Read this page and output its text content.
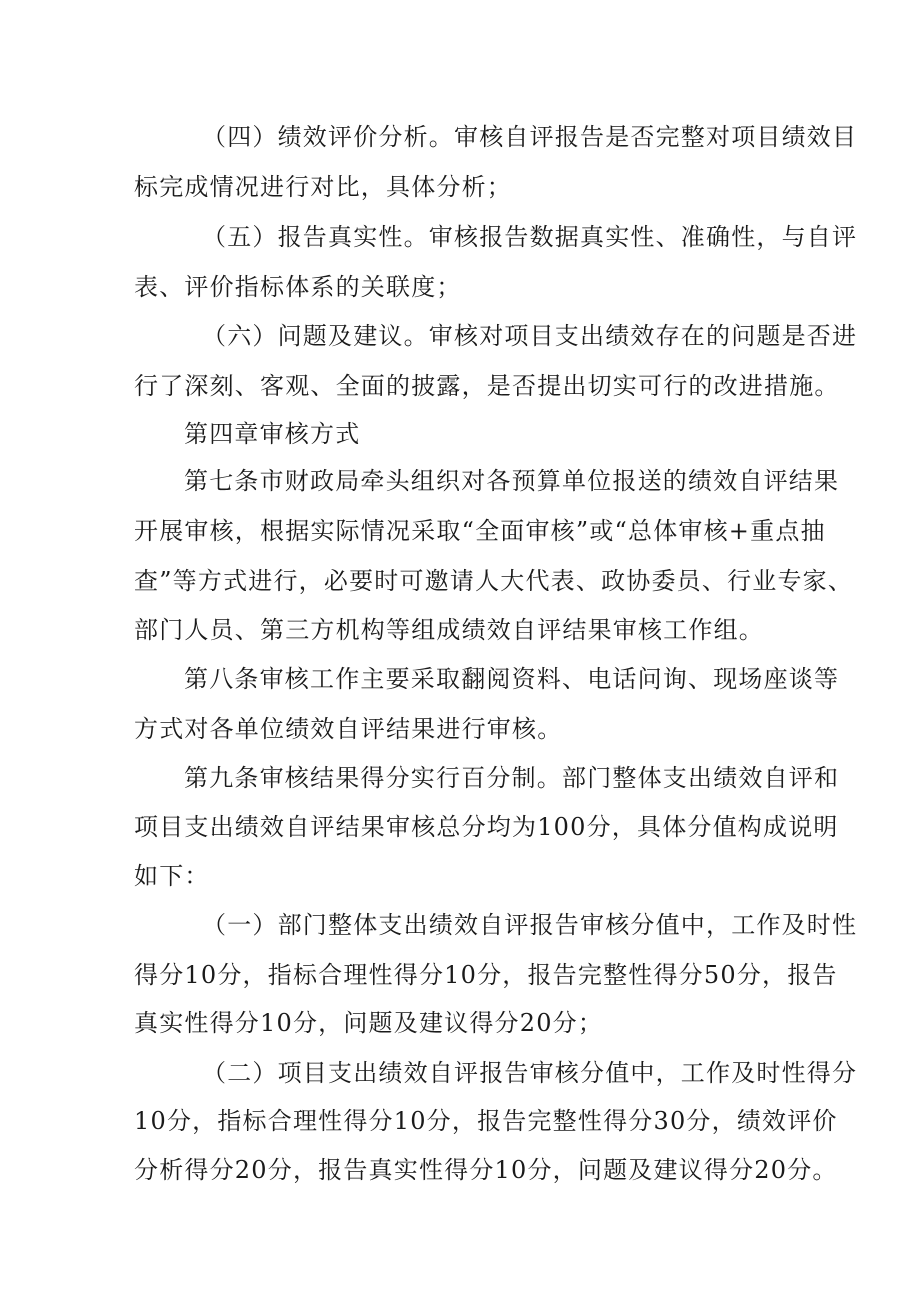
（四）绩效评价分析。审核自评报告是否完整对项目绩效目
标完成情况进行对比，具体分析；
（五）报告真实性。审核报告数据真实性、准确性，与自评
表、评价指标体系的关联度；
（六）问题及建议。审核对项目支出绩效存在的问题是否进
行了深刻、客观、全面的披露，是否提出切实可行的改进措施。
第四章审核方式
第七条市财政局牵头组织对各预算单位报送的绩效自评结果
开展审核，根据实际情况采取“全面审核”或“总体审核+重点抽
查”等方式进行，必要时可邀请人大代表、政协委员、行业专家、
部门人员、第三方机构等组成绩效自评结果审核工作组。
第八条审核工作主要采取翻阅资料、电话问询、现场座谈等
方式对各单位绩效自评结果进行审核。
第九条审核结果得分实行百分制。部门整体支出绩效自评和
项目支出绩效自评结果审核总分均为100分，具体分值构成说明
如下：
（一）部门整体支出绩效自评报告审核分值中，工作及时性
得分10分，指标合理性得分10分，报告完整性得分50分，报告
真实性得分10分，问题及建议得分20分；
（二）项目支出绩效自评报告审核分值中，工作及时性得分
10分，指标合理性得分10分，报告完整性得分30分，绩效评价
分析得分20分，报告真实性得分10分，问题及建议得分20分。
